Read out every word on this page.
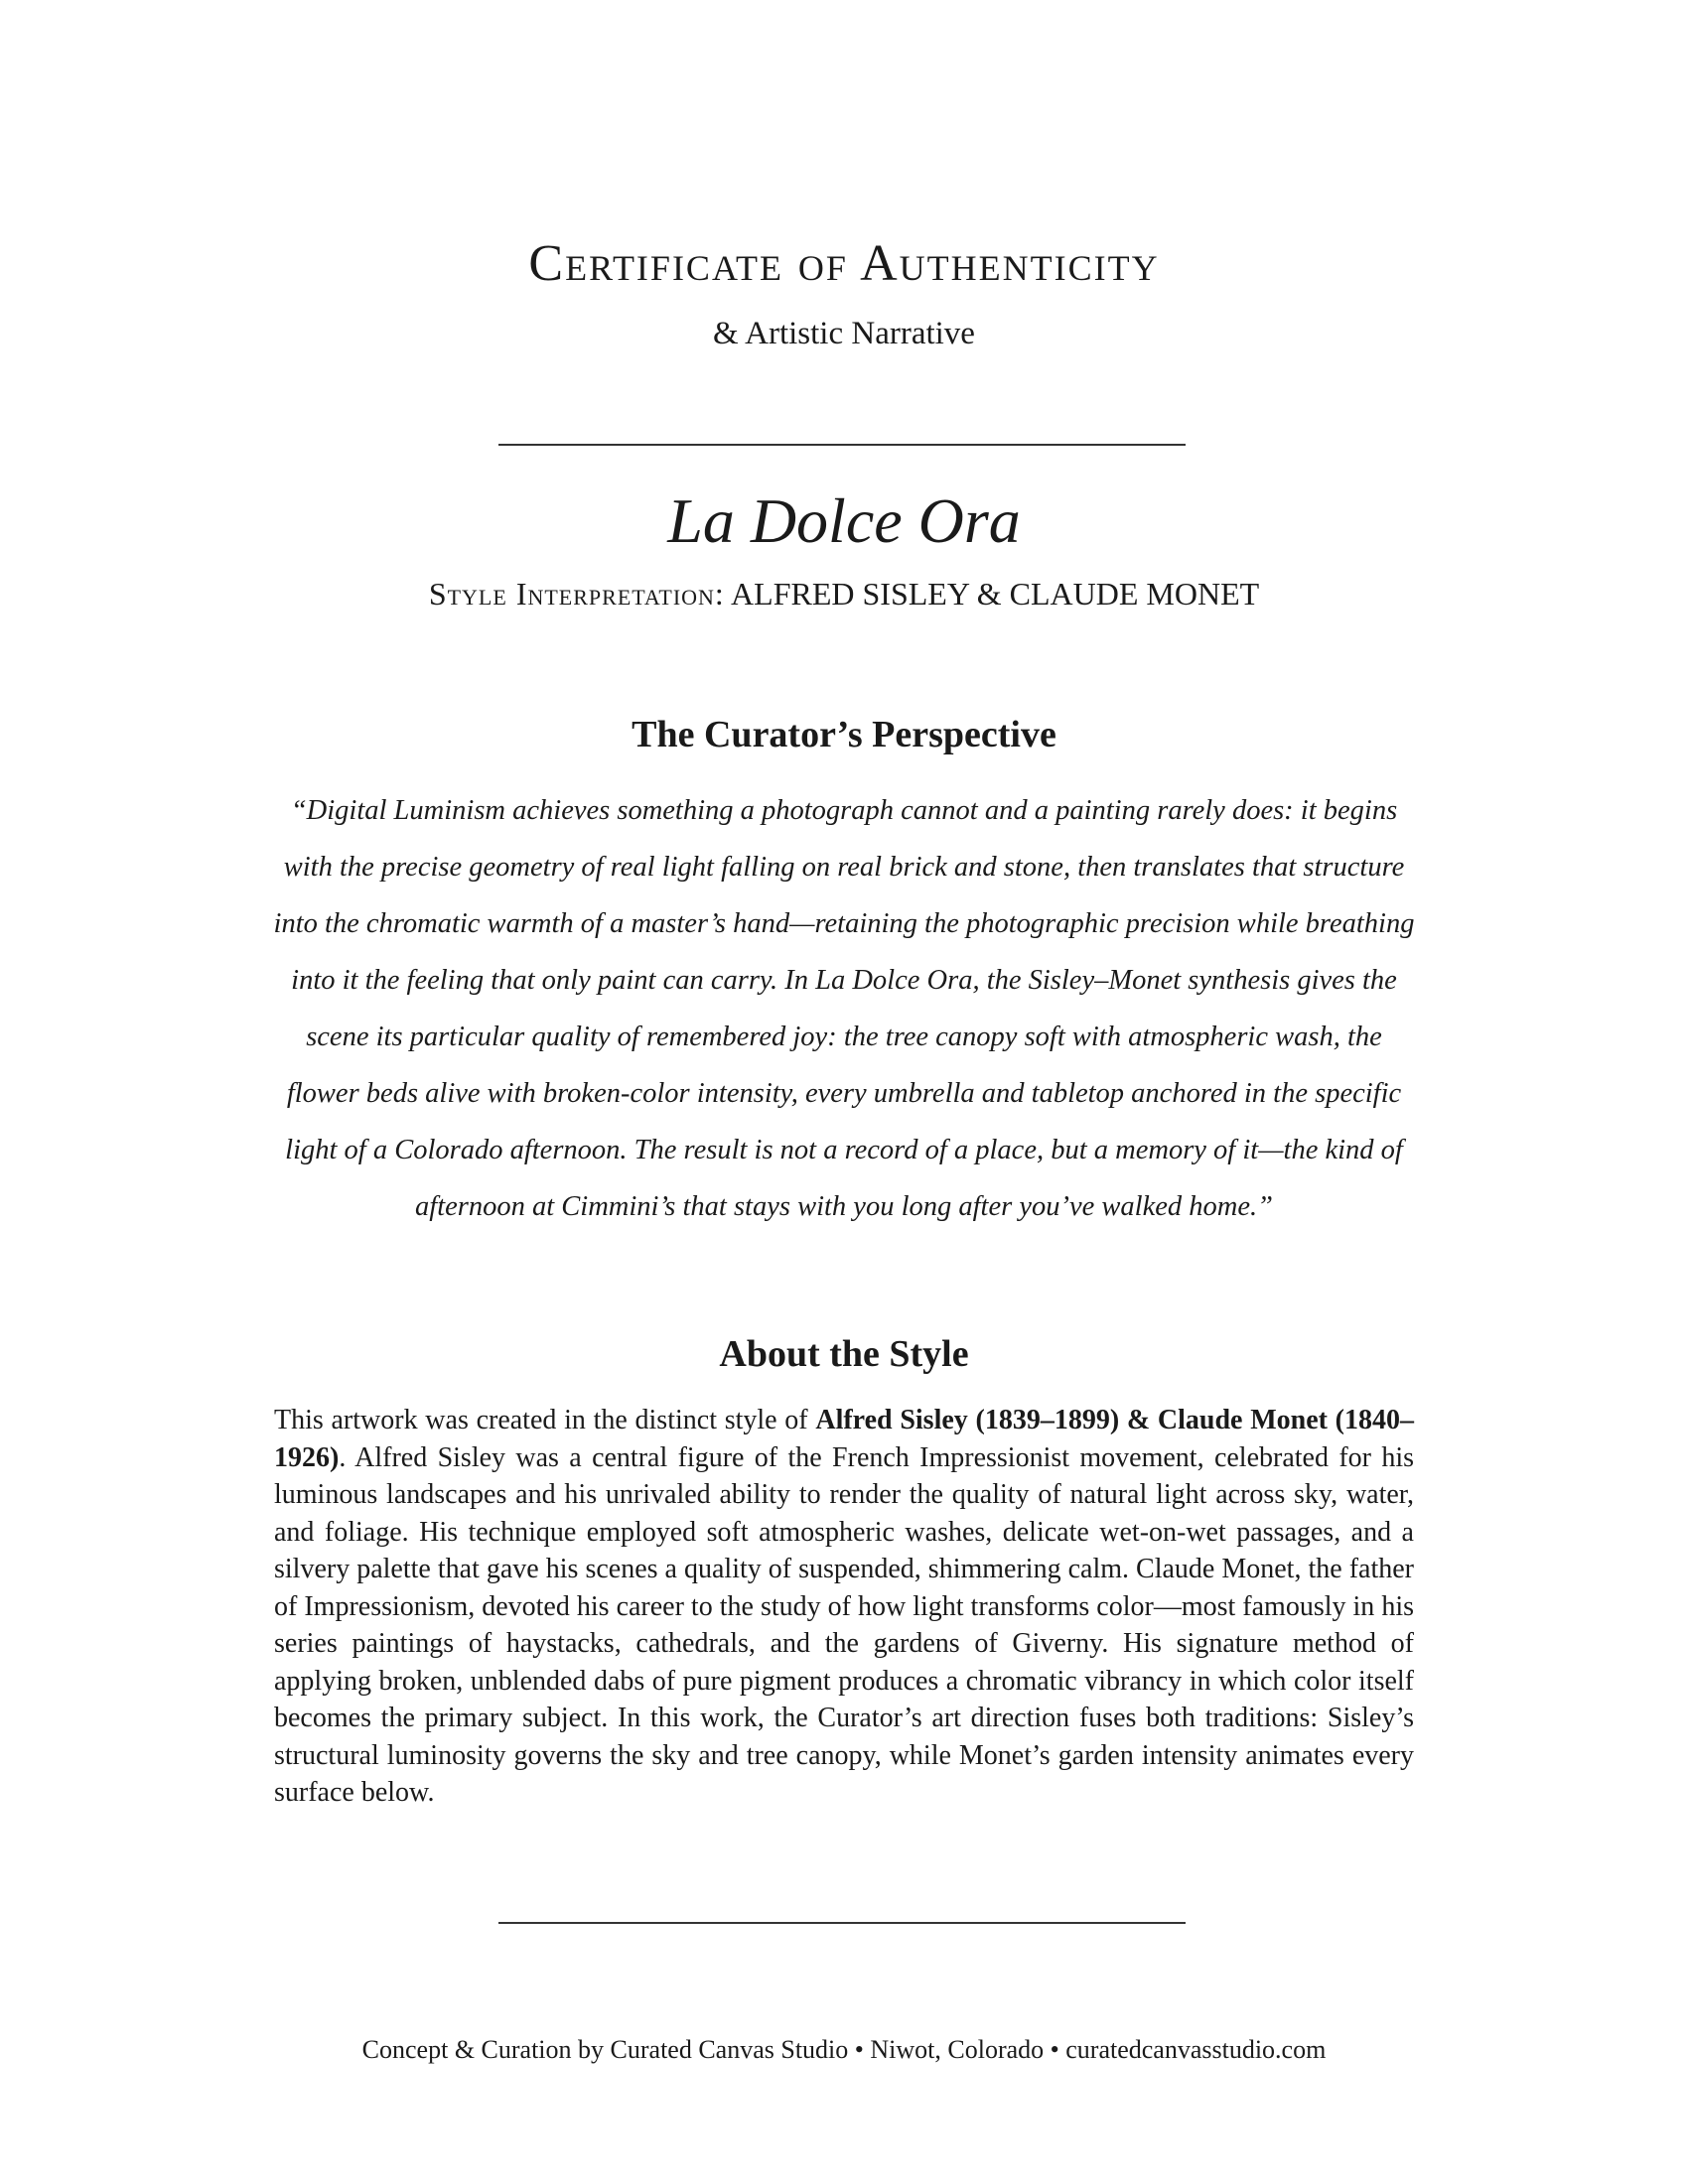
Certificate of Authenticity

& Artistic Narrative

La Dolce Ora

Style Interpretation: ALFRED SISLEY & CLAUDE MONET

The Curator’s Perspective

“Digital Luminism achieves something a photograph cannot and a painting rarely does: it begins with the precise geometry of real light falling on real brick and stone, then translates that structure into the chromatic warmth of a master’s hand—retaining the photographic precision while breathing into it the feeling that only paint can carry. In La Dolce Ora, the Sisley–Monet synthesis gives the scene its particular quality of remembered joy: the tree canopy soft with atmospheric wash, the flower beds alive with broken-color intensity, every umbrella and tabletop anchored in the specific light of a Colorado afternoon. The result is not a record of a place, but a memory of it—the kind of afternoon at Cimmini’s that stays with you long after you’ve walked home.”

About the Style

This artwork was created in the distinct style of Alfred Sisley (1839–1899) & Claude Monet (1840–1926). Alfred Sisley was a central figure of the French Impressionist movement, celebrated for his luminous landscapes and his unrivaled ability to render the quality of natural light across sky, water, and foliage. His technique employed soft atmospheric washes, delicate wet-on-wet passages, and a silvery palette that gave his scenes a quality of suspended, shimmering calm. Claude Monet, the father of Impressionism, devoted his career to the study of how light transforms color—most famously in his series paintings of haystacks, cathedrals, and the gardens of Giverny. His signature method of applying broken, unblended dabs of pure pigment produces a chromatic vibrancy in which color itself becomes the primary subject. In this work, the Curator’s art direction fuses both traditions: Sisley’s structural luminosity governs the sky and tree canopy, while Monet’s garden intensity animates every surface below.

Concept & Curation by Curated Canvas Studio • Niwot, Colorado • curatedcanvasstudio.com
